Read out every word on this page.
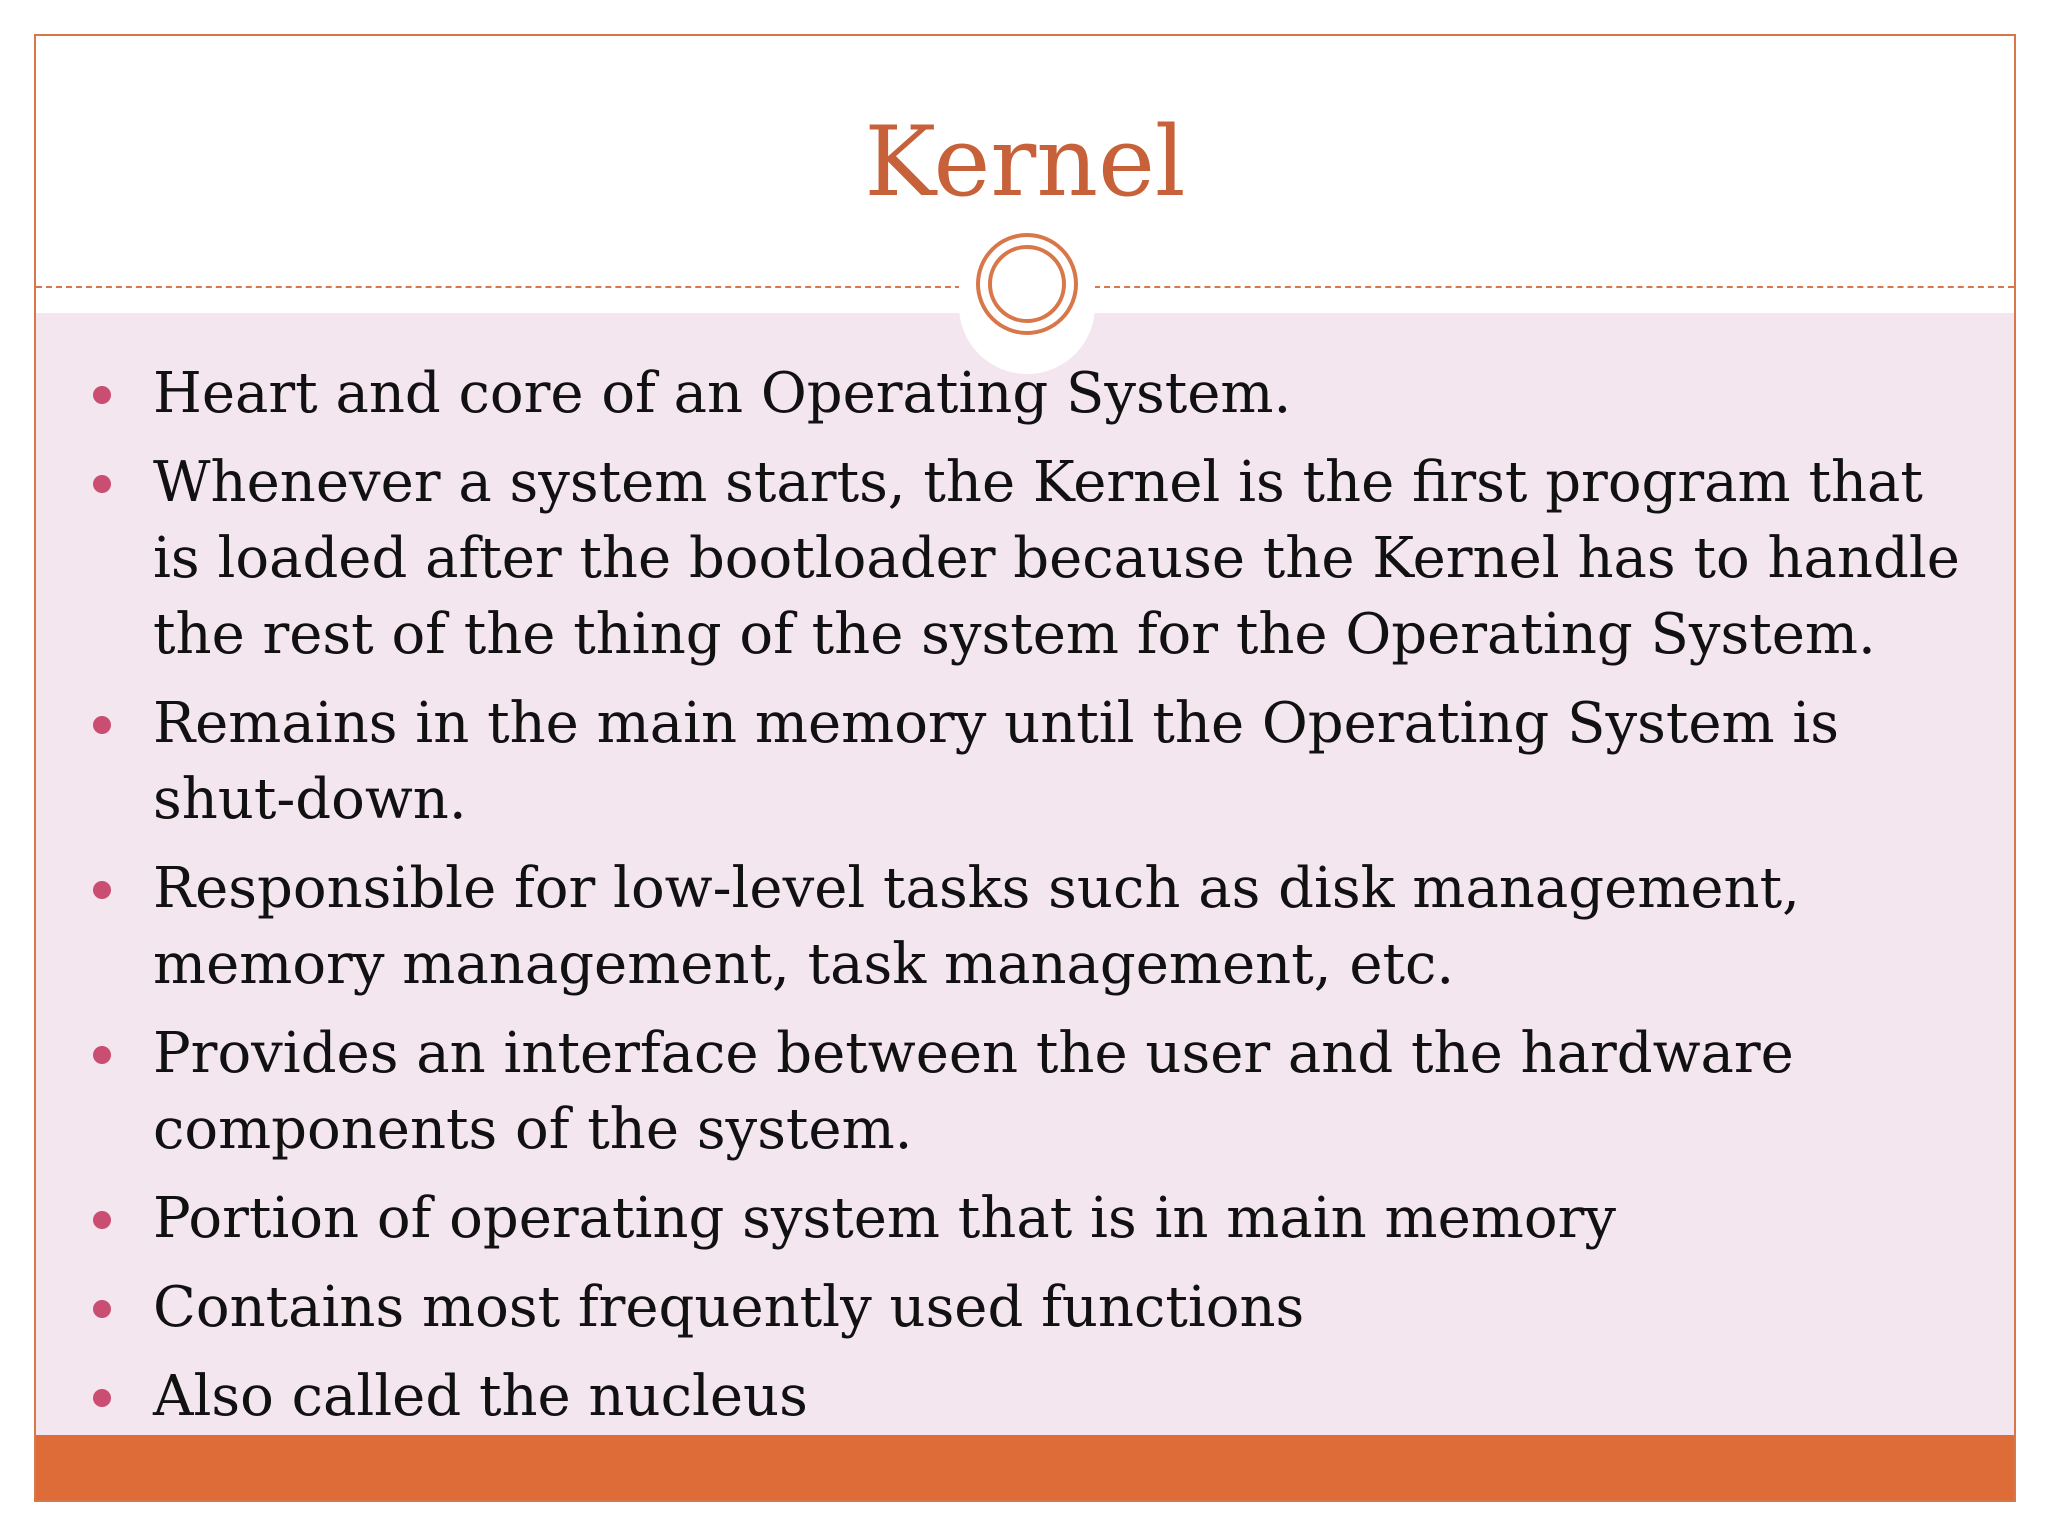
Kernel
Heart and core of an Operating System.
Whenever a system starts, the Kernel is the first program that is loaded after the bootloader because the Kernel has to handle the rest of the thing of the system for the Operating System.
Remains in the main memory until the Operating System is shut-down.
Responsible for low-level tasks such as disk management, memory management, task management, etc.
Provides an interface between the user and the hardware components of the system.
Portion of operating system that is in main memory
Contains most frequently used functions
Also called the nucleus
